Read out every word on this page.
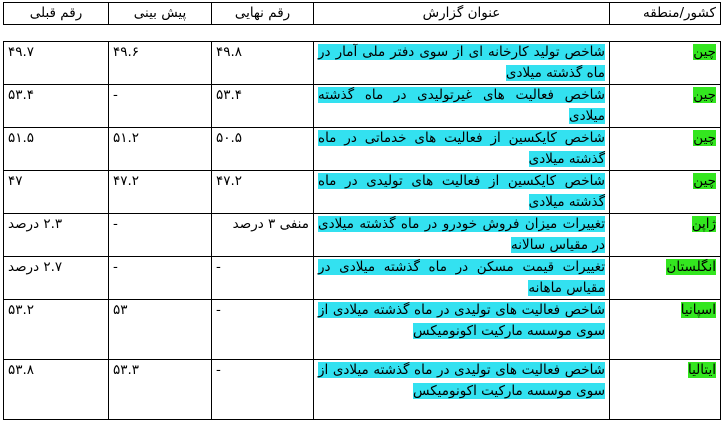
کشور/منطقه	عنوان گزارش	رقم نهایی	پیش بینی	رقم قبلی

چین	شاخص تولید کارخانه ای از سوی دفتر ملی آمار در ماه گذشته میلادی	۴۹.۸	۴۹.۶	۴۹.۷
چین	شاخص فعالیت های غیرتولیدی در ماه گذشته میلادی	۵۳.۴	-	۵۳.۴
چین	شاخص کایکسین از فعالیت های خدماتی در ماه گذشته میلادی	۵۰.۵	۵۱.۲	۵۱.۵
چین	شاخص کایکسین از فعالیت های تولیدی در ماه گذشته میلادی	۴۷.۲	۴۷.۲	۴۷
ژاپن	تغییرات میزان فروش خودرو در ماه گذشته میلادی در مقیاس سالانه	منفی ۳ درصد	-	۲.۳ درصد
انگلستان	تغییرات قیمت مسکن در ماه گذشته میلادی در مقیاس ماهانه	-	-	۲.۷ درصد
اسپانیا	شاخص فعالیت های تولیدی در ماه گذشته میلادی از سوی موسسه مارکیت اکونومیکس	-	۵۳	۵۳.۲
ایتالیا	شاخص فعالیت های تولیدی در ماه گذشته میلادی از سوی موسسه مارکیت اکونومیکس	-	۵۳.۳	۵۳.۸
